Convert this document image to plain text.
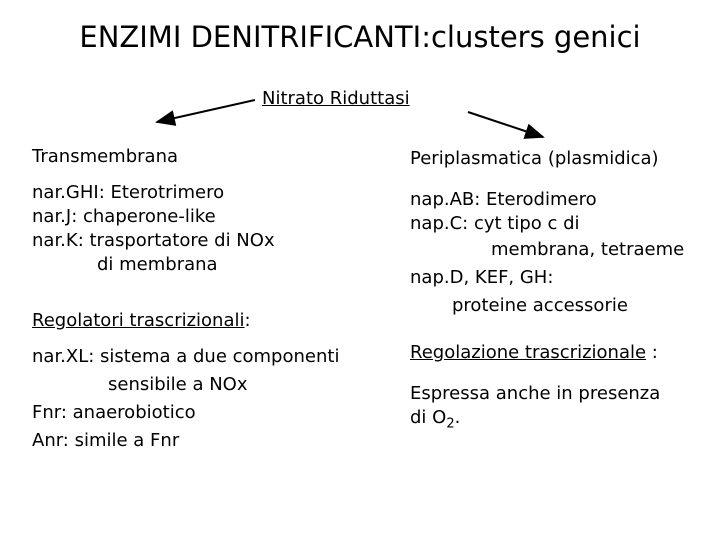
ENZIMI DENITRIFICANTI:clusters genici
Nitrato Riduttasi
Transmembrana
nar.GHI: Eterotrimero
nar.J: chaperone-like
nar.K: trasportatore di NOx
di membrana
Regolatori trascrizionali:
nar.XL: sistema a due componenti
sensibile a NOx
Fnr: anaerobiotico
Anr: simile a Fnr
Periplasmatica (plasmidica)
nap.AB: Eterodimero
nap.C: cyt tipo c di
membrana, tetraeme
nap.D, KEF, GH:
proteine accessorie
Regolazione trascrizionale :
Espressa anche in presenza
di $O_2$.
